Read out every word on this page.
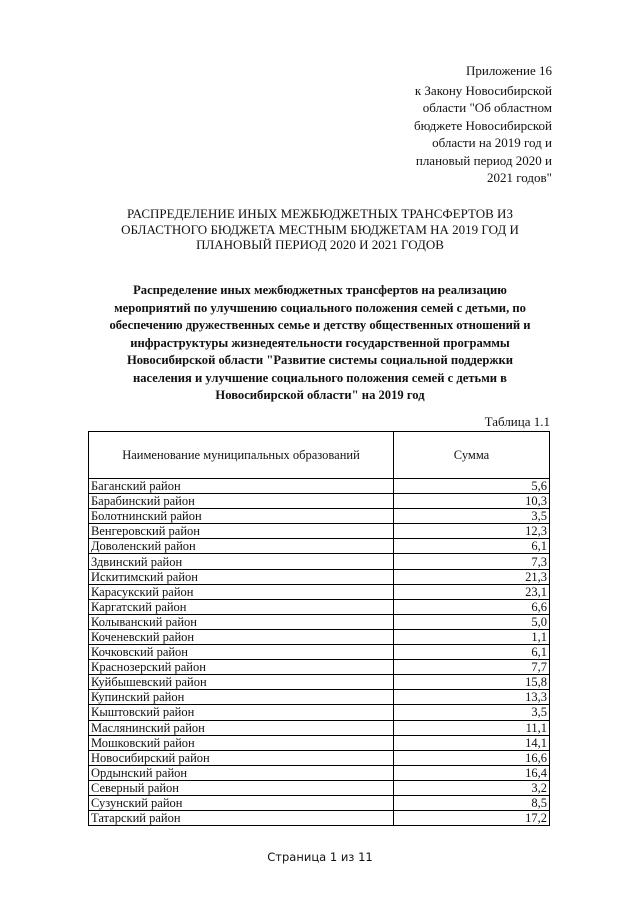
Приложение 16
к Закону Новосибирской
области "Об областном
бюджете Новосибирской
области на 2019 год и
плановый период 2020 и
2021 годов"
РАСПРЕДЕЛЕНИЕ ИНЫХ МЕЖБЮДЖЕТНЫХ ТРАНСФЕРТОВ ИЗ
ОБЛАСТНОГО БЮДЖЕТА МЕСТНЫМ БЮДЖЕТАМ НА 2019 ГОД И
ПЛАНОВЫЙ ПЕРИОД 2020 И 2021 ГОДОВ
Распределение иных межбюджетных трансфертов на реализацию
мероприятий по улучшению социального положения семей с детьми, по
обеспечению дружественных семье и детству общественных отношений и
инфраструктуры жизнедеятельности государственной программы
Новосибирской области "Развитие системы социальной поддержки
населения и улучшение социального положения семей с детьми в
Новосибирской области" на 2019 год
Таблица 1.1
Наименование муниципальных образований	Сумма
Баганский район	5,6
Барабинский район	10,3
Болотнинский район	3,5
Венгеровский район	12,3
Доволенский район	6,1
Здвинский район	7,3
Искитимский район	21,3
Карасукский район	23,1
Каргатский район	6,6
Колыванский район	5,0
Коченевский район	1,1
Кочковский район	6,1
Краснозерский район	7,7
Куйбышевский район	15,8
Купинский район	13,3
Кыштовский район	3,5
Маслянинский район	11,1
Мошковский район	14,1
Новосибирский район	16,6
Ордынский район	16,4
Северный район	3,2
Сузунский район	8,5
Татарский район	17,2
Страница 1 из 11
